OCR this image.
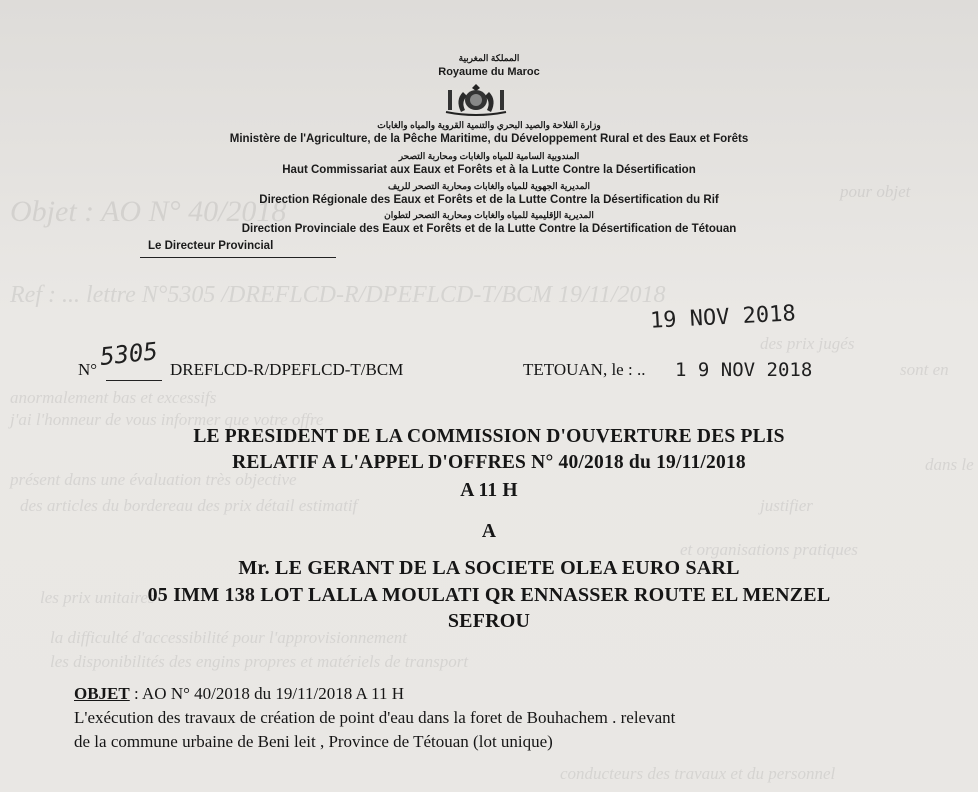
Objet : AO N° 40/2018
pour objet
Ref : ... lettre N°5305 /DREFLCD-R/DPEFLCD-T/BCM 19/11/2018
des prix jugés
sont en
anormalement bas et excessifs
j'ai l'honneur de vous informer que votre offre
dans le
présent dans une évaluation très objective
des articles du bordereau des prix détail estimatif	justifier
les prix unitaires
et organisations pratiques
la difficulté d'accessibilité pour l'approvisionnement
les disponibilités des engins propres et matériels de transport
conducteurs des travaux et du personnel
المملكة المغربية
Royaume du Maroc
وزارة الفلاحة والصيد البحري والتنمية القروية والمياه والغابات
Ministère de l'Agriculture, de la Pêche Maritime, du Développement Rural et des Eaux et Forêts
المندوبية السامية للمياه والغابات ومحاربة التصحر
Haut Commissariat aux Eaux et Forêts et à la Lutte Contre la Désertification
المديرية الجهوية للمياه والغابات ومحاربة التصحر للريف
Direction Régionale des Eaux et Forêts et de la Lutte Contre la Désertification du Rif
المديرية الإقليمية للمياه والغابات ومحاربة التصحر لتطوان
Direction Provinciale des Eaux et Forêts et de la Lutte Contre la Désertification de Tétouan
Le Directeur Provincial
N° 5305 DREFLCD-R/DPEFLCD-T/BCM	TETOUAN, le : .. 1 9 NOV 2018
19 NOV 2018
LE PRESIDENT DE LA COMMISSION D'OUVERTURE DES PLIS
RELATIF A L'APPEL D'OFFRES N° 40/2018 du 19/11/2018
A 11 H
A
Mr. LE GERANT DE LA SOCIETE OLEA EURO SARL
05 IMM 138 LOT LALLA MOULATI QR ENNASSER ROUTE EL MENZEL
SEFROU
OBJET : AO N° 40/2018 du 19/11/2018 A 11 H
L'exécution des travaux de création de point d'eau dans la foret de Bouhachem . relevant
de la commune urbaine de Beni leit , Province de Tétouan (lot unique)
